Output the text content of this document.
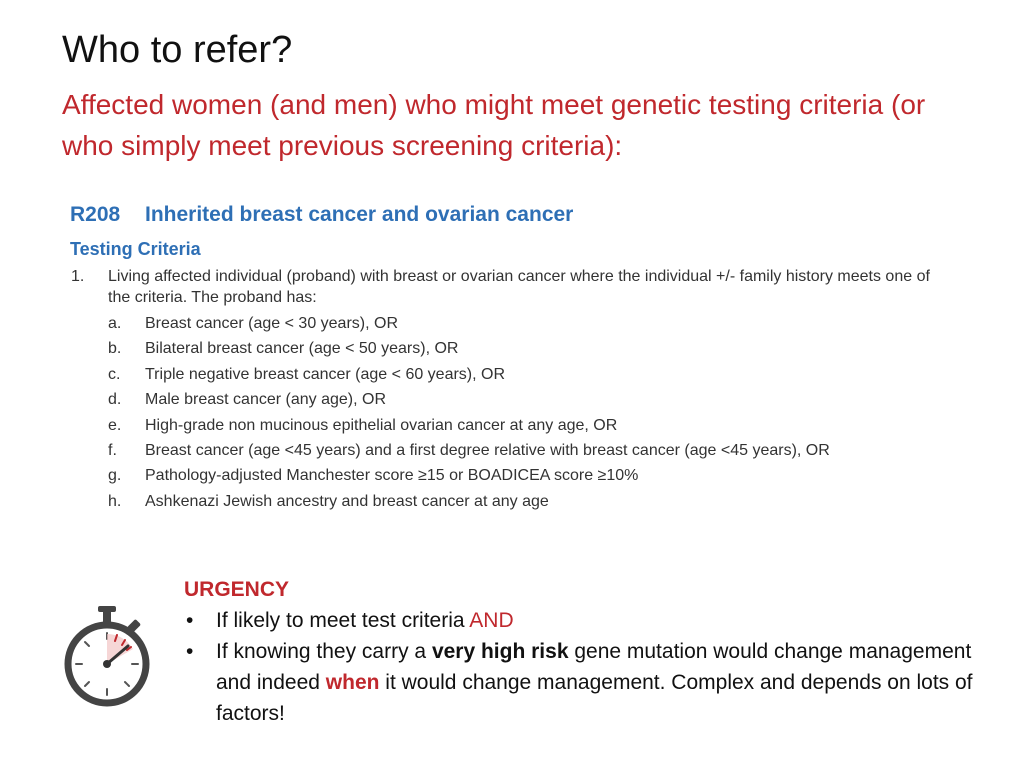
Who to refer?
Affected women (and men) who might meet genetic testing criteria (or who simply meet previous screening criteria):
R208 Inherited breast cancer and ovarian cancer
Testing Criteria
1. Living affected individual (proband) with breast or ovarian cancer where the individual +/- family history meets one of the criteria. The proband has:
a. Breast cancer (age < 30 years), OR
b. Bilateral breast cancer (age < 50 years), OR
c. Triple negative breast cancer (age < 60 years), OR
d. Male breast cancer (any age), OR
e. High-grade non mucinous epithelial ovarian cancer at any age, OR
f. Breast cancer (age <45 years) and a first degree relative with breast cancer (age <45 years), OR
g. Pathology-adjusted Manchester score ≥15 or BOADICEA score ≥10%
h. Ashkenazi Jewish ancestry and breast cancer at any age
URGENCY
• If likely to meet test criteria AND
• If knowing they carry a very high risk gene mutation would change management and indeed when it would change management. Complex and depends on lots of factors!
